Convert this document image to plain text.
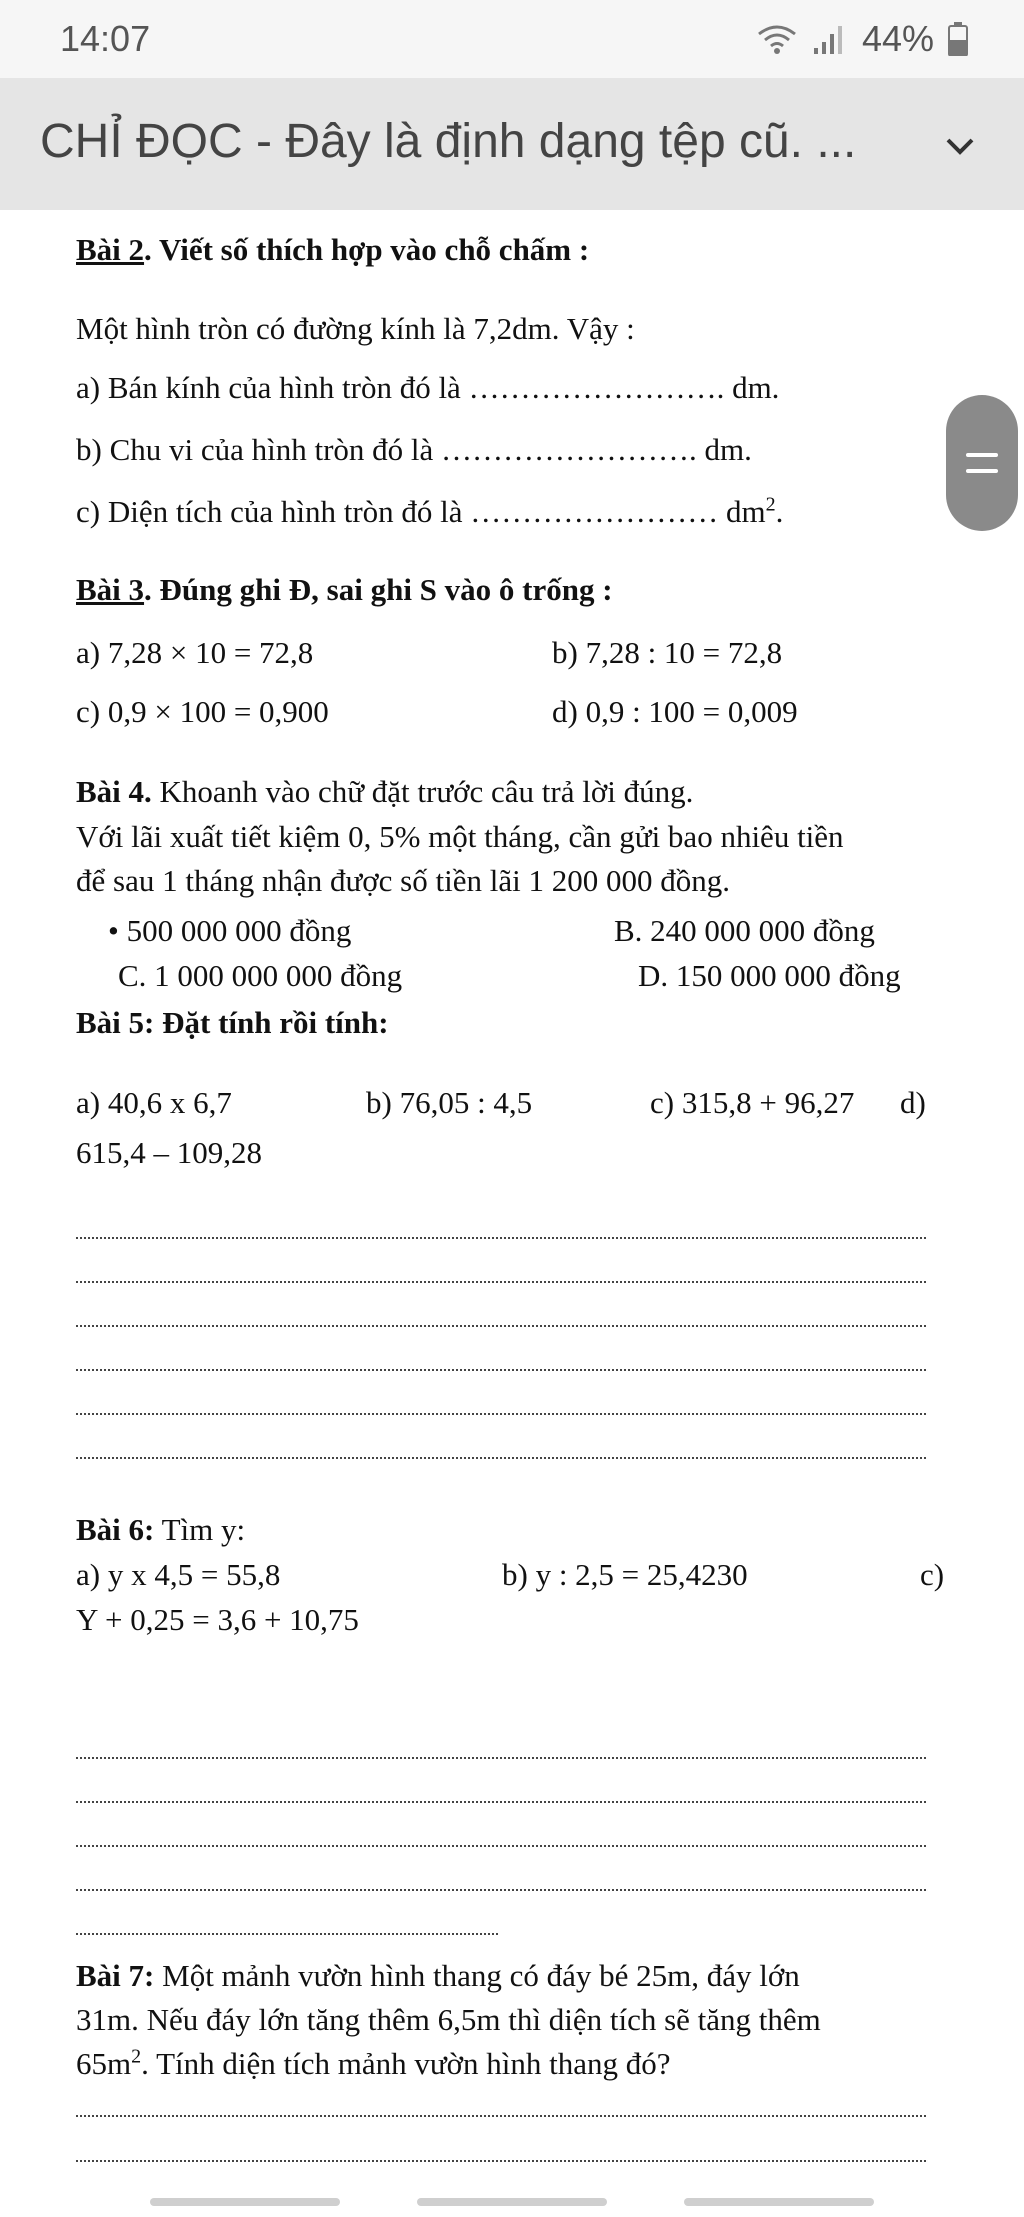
14:07	44%
CHỈ ĐỌC - Đây là định dạng tệp cũ. ...
Bài 2. Viết số thích hợp vào chỗ chấm :
Một hình tròn có đường kính là 7,2dm. Vậy :
a) Bán kính của hình tròn đó là ……………………. dm.
b) Chu vi của hình tròn đó là ……………………. dm.
c) Diện tích của hình tròn đó là …………………… $dm^2$.
Bài 3. Đúng ghi Đ, sai ghi S vào ô trống :
a) 7,28 × 10 = 72,8	b) 7,28 : 10 = 72,8
c) 0,9 × 100 = 0,900	d) 0,9 : 100 = 0,009
Bài 4. Khoanh vào chữ đặt trước câu trả lời đúng.
Với lãi xuất tiết kiệm 0, 5% một tháng, cần gửi bao nhiêu tiền
để sau 1 tháng nhận được số tiền lãi 1 200 000 đồng.
• 500 000 000 đồng	B. 240 000 000 đồng
C. 1 000 000 000 đồng	D. 150 000 000 đồng
Bài 5: Đặt tính rồi tính:
a) 40,6 x 6,7	b) 76,05 : 4,5	c) 315,8 + 96,27 d)
615,4 – 109,28
Bài 6: Tìm y:
a) y x 4,5 = 55,8	b) y : 2,5 = 25,4230	c)
Y + 0,25 = 3,6 + 10,75
Bài 7: Một mảnh vườn hình thang có đáy bé 25m, đáy lớn
31m. Nếu đáy lớn tăng thêm 6,5m thì diện tích sẽ tăng thêm
$65m^2$. Tính diện tích mảnh vườn hình thang đó?
